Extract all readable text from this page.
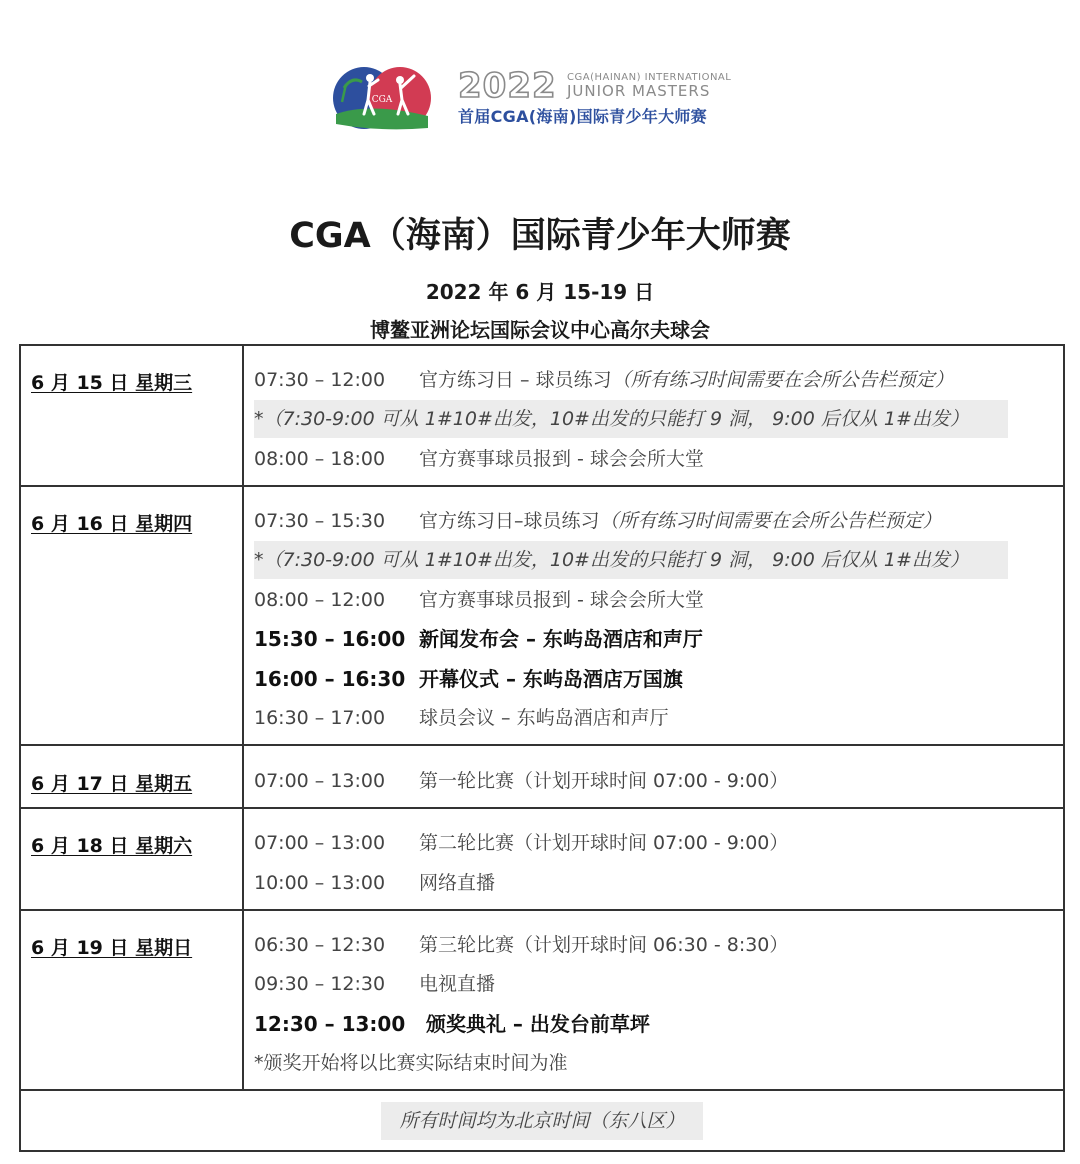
CGA 2022 CGA(HAINAN) INTERNATIONAL
JUNIOR MASTERS
首届CGA(海南)国际青少年大师赛
CGA（海南）国际青少年大师赛
2022 年 6 月 15-19 日
博鳌亚洲论坛国际会议中心高尔夫球会
6 月 15 日 星期三	07:30 – 12:00 官方练习日 – 球员练习（所有练习时间需要在会所公告栏预定）
*（7:30-9:00 可从 1#10#出发，10#出发的只能打 9 洞， 9:00 后仅从 1#出发）
08:00 – 18:00 官方赛事球员报到 - 球会会所大堂
6 月 16 日 星期四	07:30 – 15:30 官方练习日–球员练习（所有练习时间需要在会所公告栏预定）
*（7:30-9:00 可从 1#10#出发，10#出发的只能打 9 洞， 9:00 后仅从 1#出发）
08:00 – 12:00 官方赛事球员报到 - 球会会所大堂
15:30 – 16:00 新闻发布会 – 东屿岛酒店和声厅
16:00 – 16:30 开幕仪式 – 东屿岛酒店万国旗
16:30 – 17:00 球员会议 – 东屿岛酒店和声厅
6 月 17 日 星期五	07:00 – 13:00 第一轮比赛（计划开球时间 07:00 - 9:00）
6 月 18 日 星期六	07:00 – 13:00 第二轮比赛（计划开球时间 07:00 - 9:00）
10:00 – 13:00 网络直播
6 月 19 日 星期日	06:30 – 12:30 第三轮比赛（计划开球时间 06:30 - 8:30）
09:30 – 12:30 电视直播
12:30 – 13:00 颁奖典礼 – 出发台前草坪
*颁奖开始将以比赛实际结束时间为准
所有时间均为北京时间（东八区）
